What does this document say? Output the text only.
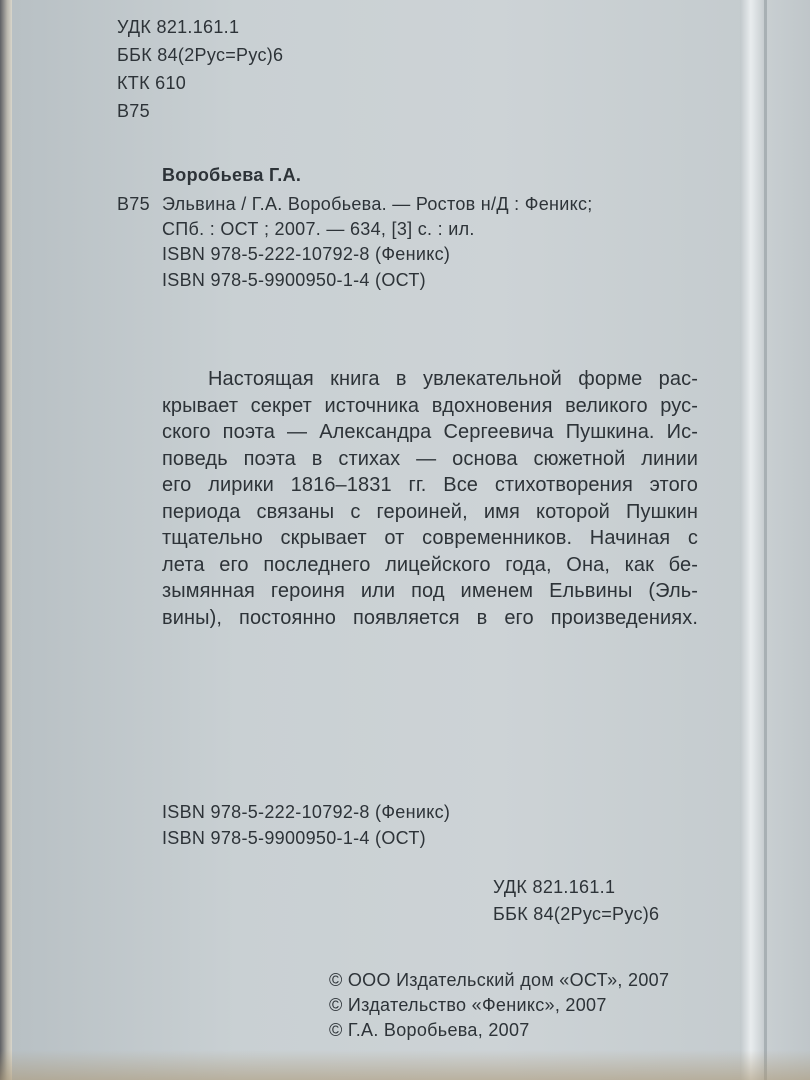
УДК 821.161.1
ББК 84(2Рус=Рус)6
КТК 610
В75
Воробьева Г.А.
В75 Эльвина / Г.А. Воробьева. — Ростов н/Д : Феникс;
СПб. : ОСТ ; 2007. — 634, [3] с. : ил.
ISBN 978-5-222-10792-8 (Феникс)
ISBN 978-5-9900950-1-4 (ОСТ)
Настоящая книга в увлекательной форме рас-
крывает секрет источника вдохновения великого рус-
ского поэта — Александра Сергеевича Пушкина. Ис-
поведь поэта в стихах — основа сюжетной линии
его лирики 1816–1831 гг. Все стихотворения этого
периода связаны с героиней, имя которой Пушкин
тщательно скрывает от современников. Начиная с
лета его последнего лицейского года, Она, как бе-
зымянная героиня или под именем Ельвины (Эль-
вины), постоянно появляется в его произведениях.
ISBN 978-5-222-10792-8 (Феникс)
ISBN 978-5-9900950-1-4 (ОСТ)
УДК 821.161.1
ББК 84(2Рус=Рус)6
© ООО Издательский дом «ОСТ», 2007
© Издательство «Феникс», 2007
© Г.А. Воробьева, 2007
